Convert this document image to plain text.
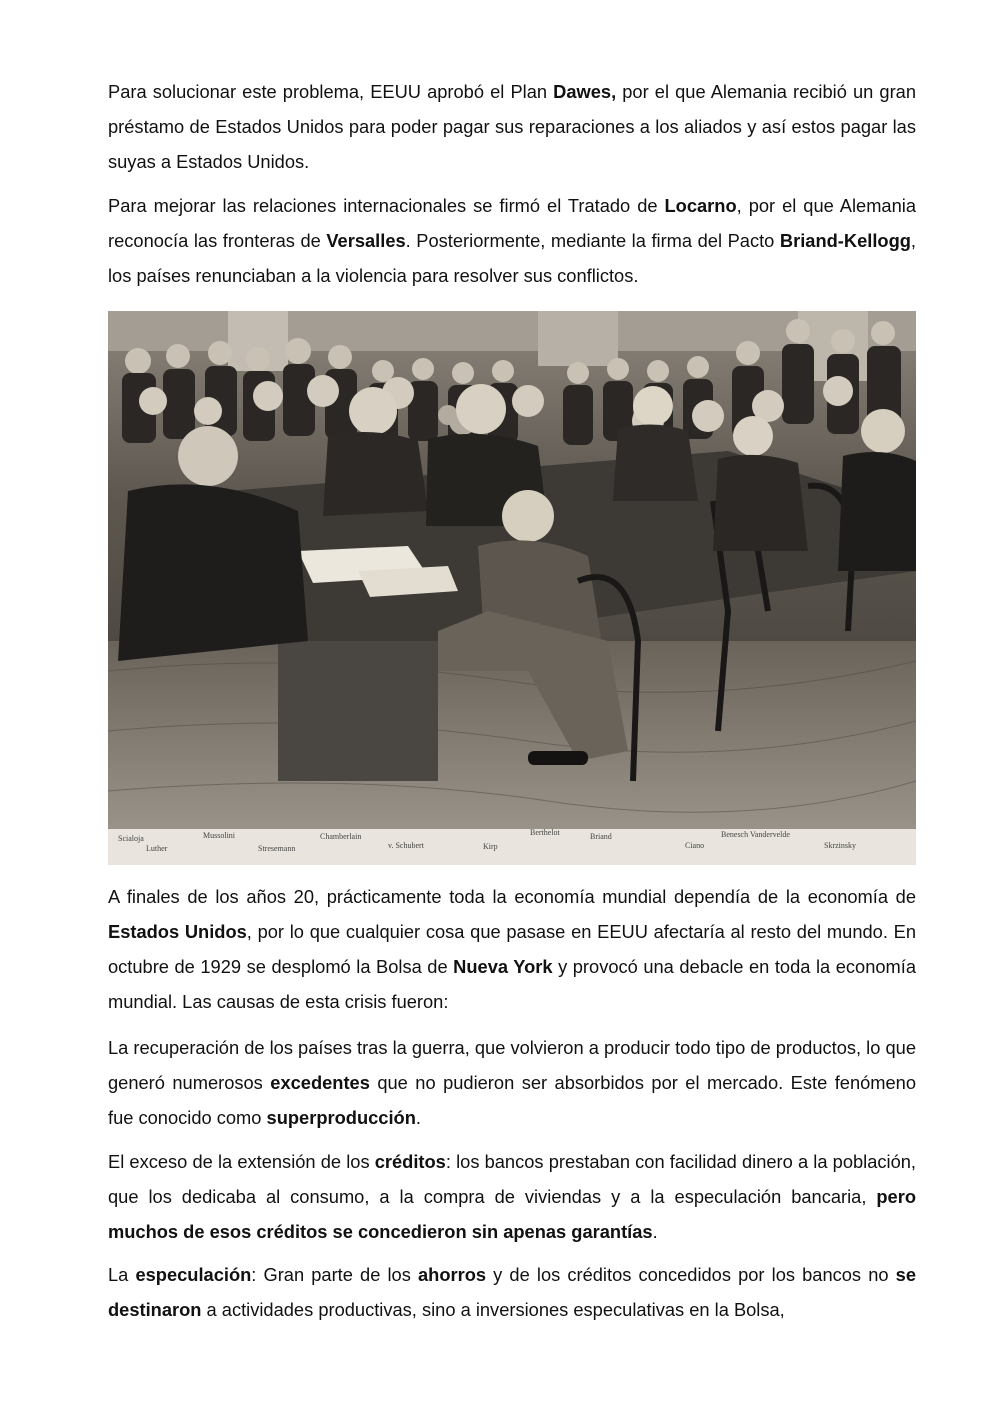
Para solucionar este problema, EEUU aprobó el Plan Dawes, por el que Alemania recibió un gran préstamo de Estados Unidos para poder pagar sus reparaciones a los aliados y así estos pagar las suyas a Estados Unidos.

Para mejorar las relaciones internacionales se firmó el Tratado de Locarno, por el que Alemania reconocía las fronteras de Versalles. Posteriormente, mediante la firma del Pacto Briand-Kellogg, los países renunciaban a la violencia para resolver sus conflictos.

Scialoja
Luther
Mussolini
Stresemann
Chamberlain
v. Schubert	Kirp
Berthelot	Briand
Ciano
Benesch Vandervelde
Skrzinsky

A finales de los años 20, prácticamente toda la economía mundial dependía de la economía de Estados Unidos, por lo que cualquier cosa que pasase en EEUU afectaría al resto del mundo. En octubre de 1929 se desplomó la Bolsa de Nueva York y provocó una debacle en toda la economía mundial. Las causas de esta crisis fueron:

La recuperación de los países tras la guerra, que volvieron a producir todo tipo de productos, lo que generó numerosos excedentes que no pudieron ser absorbidos por el mercado. Este fenómeno fue conocido como superproducción.

El exceso de la extensión de los créditos: los bancos prestaban con facilidad dinero a la población, que los dedicaba al consumo, a la compra de viviendas y a la especulación bancaria, pero muchos de esos créditos se concedieron sin apenas garantías.

La especulación: Gran parte de los ahorros y de los créditos concedidos por los bancos no se destinaron a actividades productivas, sino a inversiones especulativas en la Bolsa,
